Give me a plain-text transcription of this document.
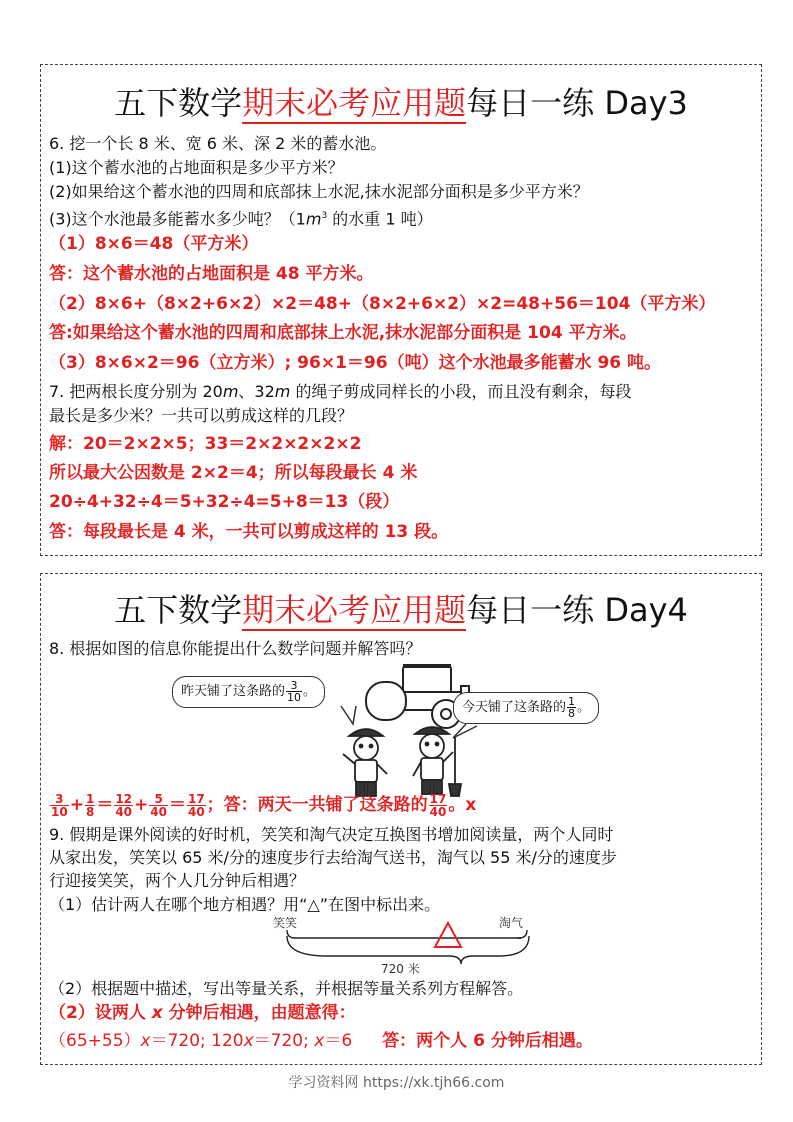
五下数学期末必考应用题每日一练 Day3
6. 挖一个长 8 米、宽 6 米、深 2 米的蓄水池。
(1)这个蓄水池的占地面积是多少平方米？
(2)如果给这个蓄水池的四周和底部抹上水泥,抹水泥部分面积是多少平方米？
(3)这个水池最多能蓄水多少吨？（$1m^3$ 的水重 1 吨）
（1）8×6＝48（平方米）
答：这个蓄水池的占地面积是 48 平方米。
（2）8×6+（8×2+6×2）×2＝48+（8×2+6×2）×2=48+56＝104（平方米）
答:如果给这个蓄水池的四周和底部抹上水泥,抹水泥部分面积是 104 平方米。
（3）8×6×2＝96（立方米）; 96×1＝96（吨）这个水池最多能蓄水 96 吨。
7. 把两根长度分别为 20m、32m 的绳子剪成同样长的小段，而且没有剩余，每段
最长是多少米？一共可以剪成这样的几段？
解：20＝2×2×5；33＝2×2×2×2×2
所以最大公因数是 2×2＝4；所以每段最长 4 米
20÷4+32÷4＝5+32÷4=5+8＝13（段）
答：每段最长是 4 米，一共可以剪成这样的 13 段。
五下数学期末必考应用题每日一练 Day4
8. 根据如图的信息你能提出什么数学问题并解答吗？
昨天铺了这条路的 $\frac{3}{10}$ 。
今天铺了这条路的 $\frac{1}{8}$ 。
$\frac{3}{10} + \frac{1}{8} = \frac{12}{40} + \frac{5}{40} = \frac{17}{40}$ ；答：两天一共铺了这条路的 $\frac{17}{40}$ 。x
9. 假期是课外阅读的好时机，笑笑和淘气决定互换图书增加阅读量，两个人同时
从家出发，笑笑以 65 米/分的速度步行去给淘气送书，淘气以 55 米/分的速度步
行迎接笑笑，两个人几分钟后相遇？
（1）估计两人在哪个地方相遇？用“△”在图中标出来。
笑笑	淘气
720 米
（2）根据题中描述，写出等量关系，并根据等量关系列方程解答。
（2）设两人 x 分钟后相遇，由题意得：
（65+55）x＝720; 120x＝720; x＝6 答：两个人 6 分钟后相遇。
学习资料网 https://xk.tjh66.com
